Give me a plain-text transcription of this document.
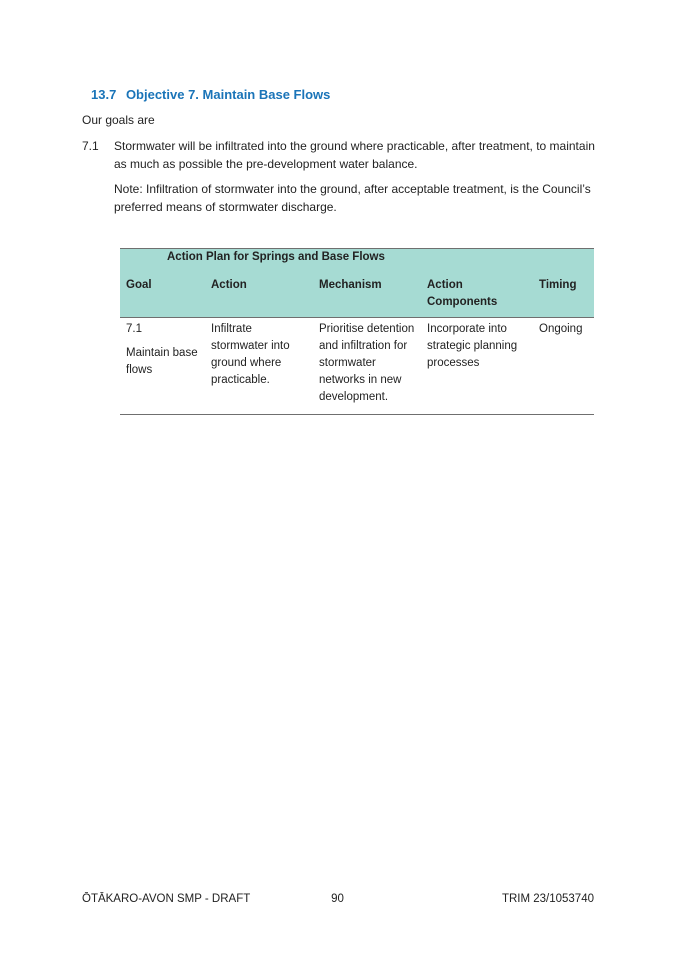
13.7 Objective 7. Maintain Base Flows
Our goals are
7.1 Stormwater will be infiltrated into the ground where practicable, after treatment, to maintain as much as possible the pre-development water balance.
Note: Infiltration of stormwater into the ground, after acceptable treatment, is the Council’s preferred means of stormwater discharge.
Action Plan for Springs and Base Flows				
Goal	Action	Mechanism	Action Components	Timing

7.1
Maintain base flows	Infiltrate stormwater into ground where practicable.	Prioritise detention and infiltration for stormwater networks in new development.	Incorporate into strategic planning processes	Ongoing
ŌTĀKARO-AVON SMP - DRAFT	90	TRIM 23/1053740
